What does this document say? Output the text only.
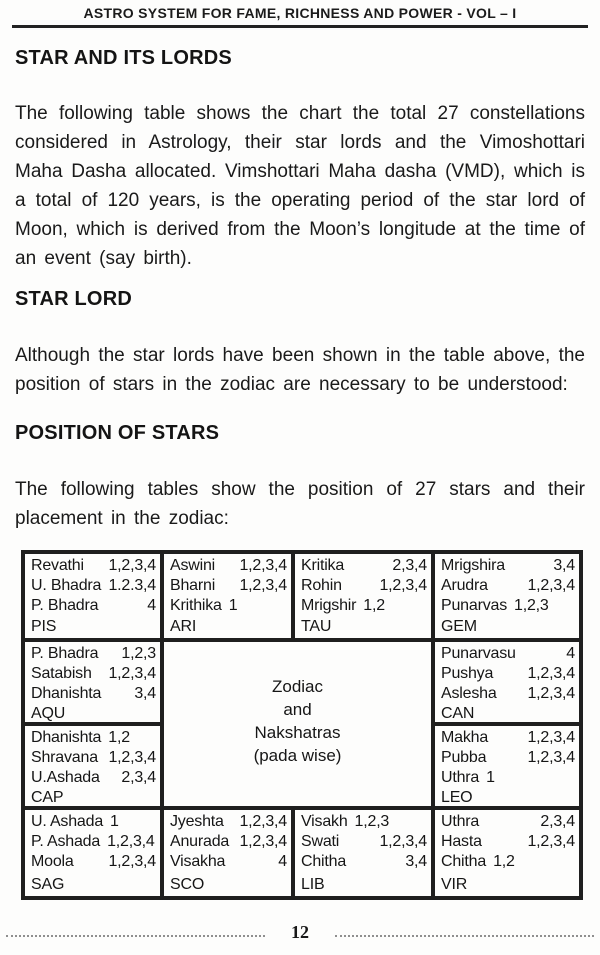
ASTRO SYSTEM FOR FAME, RICHNESS AND POWER - VOL – I
STAR AND ITS LORDS

The following table shows the chart the total 27 constellations considered in Astrology, their star lords and the Vimoshottari Maha Dasha allocated. Vimshottari Maha dasha (VMD), which is a total of 120 years, is the operating period of the star lord of Moon, which is derived from the Moon’s longitude at the time of an event (say birth).

STAR LORD

Although the star lords have been shown in the table above, the position of stars in the zodiac are necessary to be understood:

POSITION OF STARS

The following tables show the position of 27 stars and their placement in the zodiac:

Revathi 1,2,3,4
U. Bhadra 1.2.3,4
P. Bhadra	4
PIS
Aswini 1,2,3,4
Bharni 1,2,3,4
Krithika 1
ARI
Kritika	2,3,4
Rohin 1,2,3,4
Mrigshir 1,2
TAU
Mrigshira	3,4
Arudra 1,2,3,4
Punarvas 1,2,3
GEM
P. Bhadra 1,2,3
Satabish 1,2,3,4
Dhanishta 3,4
AQU
Zodiac
and
Nakshatras
(pada wise)
Punarvasu	4
Pushya 1,2,3,4
Aslesha 1,2,3,4
CAN
Dhanishta 1,2
Shravana 1,2,3,4
U.Ashada 2,3,4
CAP
Makha 1,2,3,4
Pubba	1,2,3,4
Uthra 1
LEO
U. Ashada 1
P. Ashada 1,2,3,4
Moola 1,2,3,4
SAG
Jyeshta 1,2,3,4
Anurada 1,2,3,4
Visakha	4
SCO
Visakh 1,2,3
Swati	1,2,3,4
Chitha	3,4
LIB
Uthra	2,3,4
Hasta	1,2,3,4
Chitha 1,2
VIR
12
